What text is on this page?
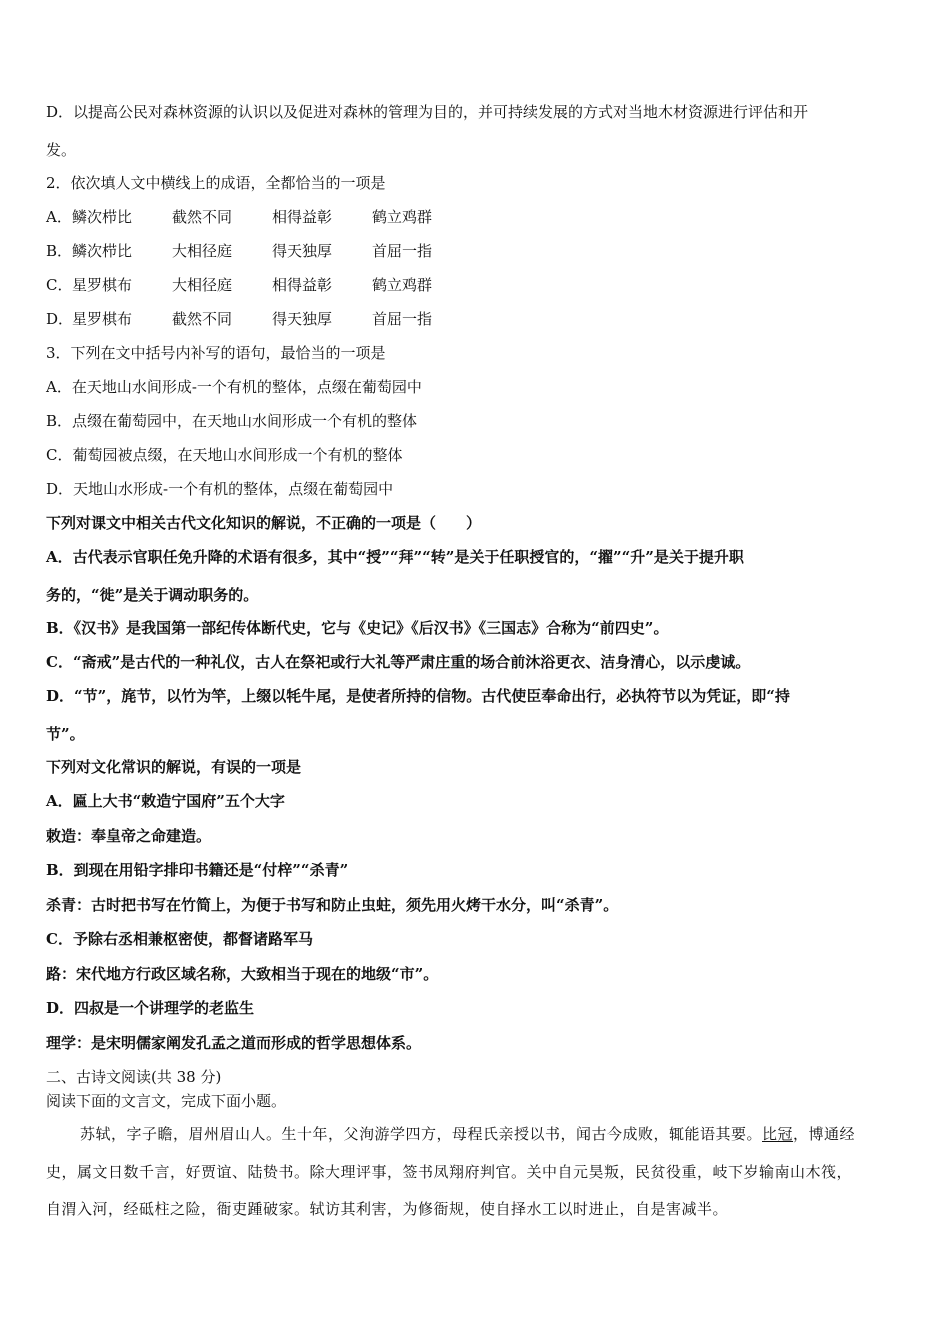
D．以提高公民对森林资源的认识以及促进对森林的管理为目的，并可持续发展的方式对当地木材资源进行评估和开
发。
2．依次填人文中横线上的成语，全都恰当的一项是
A．鳞次栉比	截然不同	相得益彰	鹤立鸡群
B．鳞次栉比	大相径庭	得天独厚	首屈一指
C．星罗棋布	大相径庭	相得益彰	鹤立鸡群
D．星罗棋布	截然不同	得天独厚	首屈一指
3．下列在文中括号内补写的语句，最恰当的一项是
A．在天地山水间形成-一个有机的整体，点缀在葡萄园中
B．点缀在葡萄园中，在天地山水间形成一个有机的整体
C．葡萄园被点缀，在天地山水间形成一个有机的整体
D．天地山水形成-一个有机的整体，点缀在葡萄园中
下列对课文中相关古代文化知识的解说，不正确的一项是（　　）
A．古代表示官职任免升降的术语有很多，其中“授”“拜”“转”是关于任职授官的，“擢”“升”是关于提升职
务的，“徙”是关于调动职务的。
B．《汉书》是我国第一部纪传体断代史，它与《史记》《后汉书》《三国志》合称为“前四史”。
C．“斋戒”是古代的一种礼仪，古人在祭祀或行大礼等严肃庄重的场合前沐浴更衣、洁身清心，以示虔诚。
D．“节”，旄节，以竹为竿，上缀以牦牛尾，是使者所持的信物。古代使臣奉命出行，必执符节以为凭证，即“持
节”。
下列对文化常识的解说，有误的一项是
A．匾上大书“敕造宁国府”五个大字
敕造：奉皇帝之命建造。
B．到现在用铅字排印书籍还是“付梓”“杀青”
杀青：古时把书写在竹简上，为便于书写和防止虫蛀，须先用火烤干水分，叫“杀青”。
C．予除右丞相兼枢密使，都督诸路军马
路：宋代地方行政区域名称，大致相当于现在的地级“市”。
D．四叔是一个讲理学的老监生
理学：是宋明儒家阐发孔孟之道而形成的哲学思想体系。
二、古诗文阅读(共 38 分)
阅读下面的文言文，完成下面小题。
苏轼，字子瞻，眉州眉山人。生十年，父洵游学四方，母程氏亲授以书，闻古今成败，辄能语其要。比冠，博通经
史，属文日数千言，好贾谊、陆贽书。除大理评事，签书凤翔府判官。关中自元昊叛，民贫役重，岐下岁输南山木筏，
自渭入河，经砥柱之险，衙吏踵破家。轼访其利害，为修衙规，使自择水工以时进止，自是害减半。
